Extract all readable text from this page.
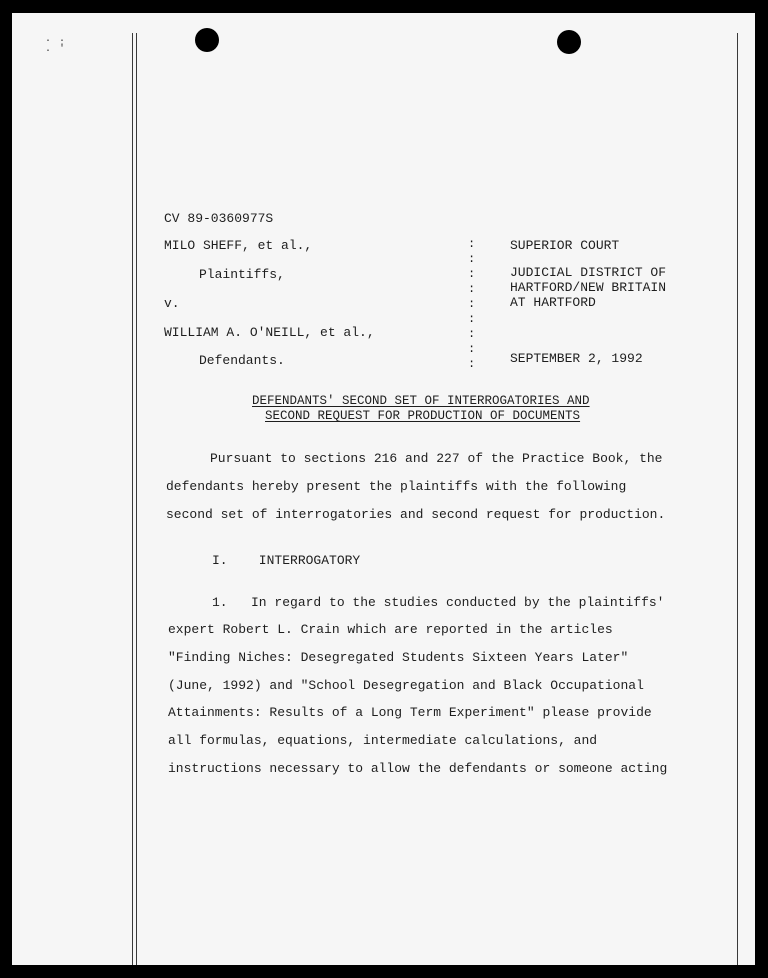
. .
. '
CV 89-0360977S
MILO SHEFF, et al.,
Plaintiffs,
v.
WILLIAM A. O'NEILL, et al.,
Defendants.
:
:
:
:
:
:
:
:
:
SUPERIOR COURT
JUDICIAL DISTRICT OF
HARTFORD/NEW BRITAIN
AT HARTFORD
SEPTEMBER 2, 1992
DEFENDANTS' SECOND SET OF INTERROGATORIES AND
SECOND REQUEST FOR PRODUCTION OF DOCUMENTS
Pursuant to sections 216 and 227 of the Practice Book, the
defendants hereby present the plaintiffs with the following
second set of interrogatories and second request for production.
I.    INTERROGATORY
1.   In regard to the studies conducted by the plaintiffs'
expert Robert L. Crain which are reported in the articles
"Finding Niches: Desegregated Students Sixteen Years Later"
(June, 1992) and "School Desegregation and Black Occupational
Attainments: Results of a Long Term Experiment" please provide
all formulas, equations, intermediate calculations, and
instructions necessary to allow the defendants or someone acting
